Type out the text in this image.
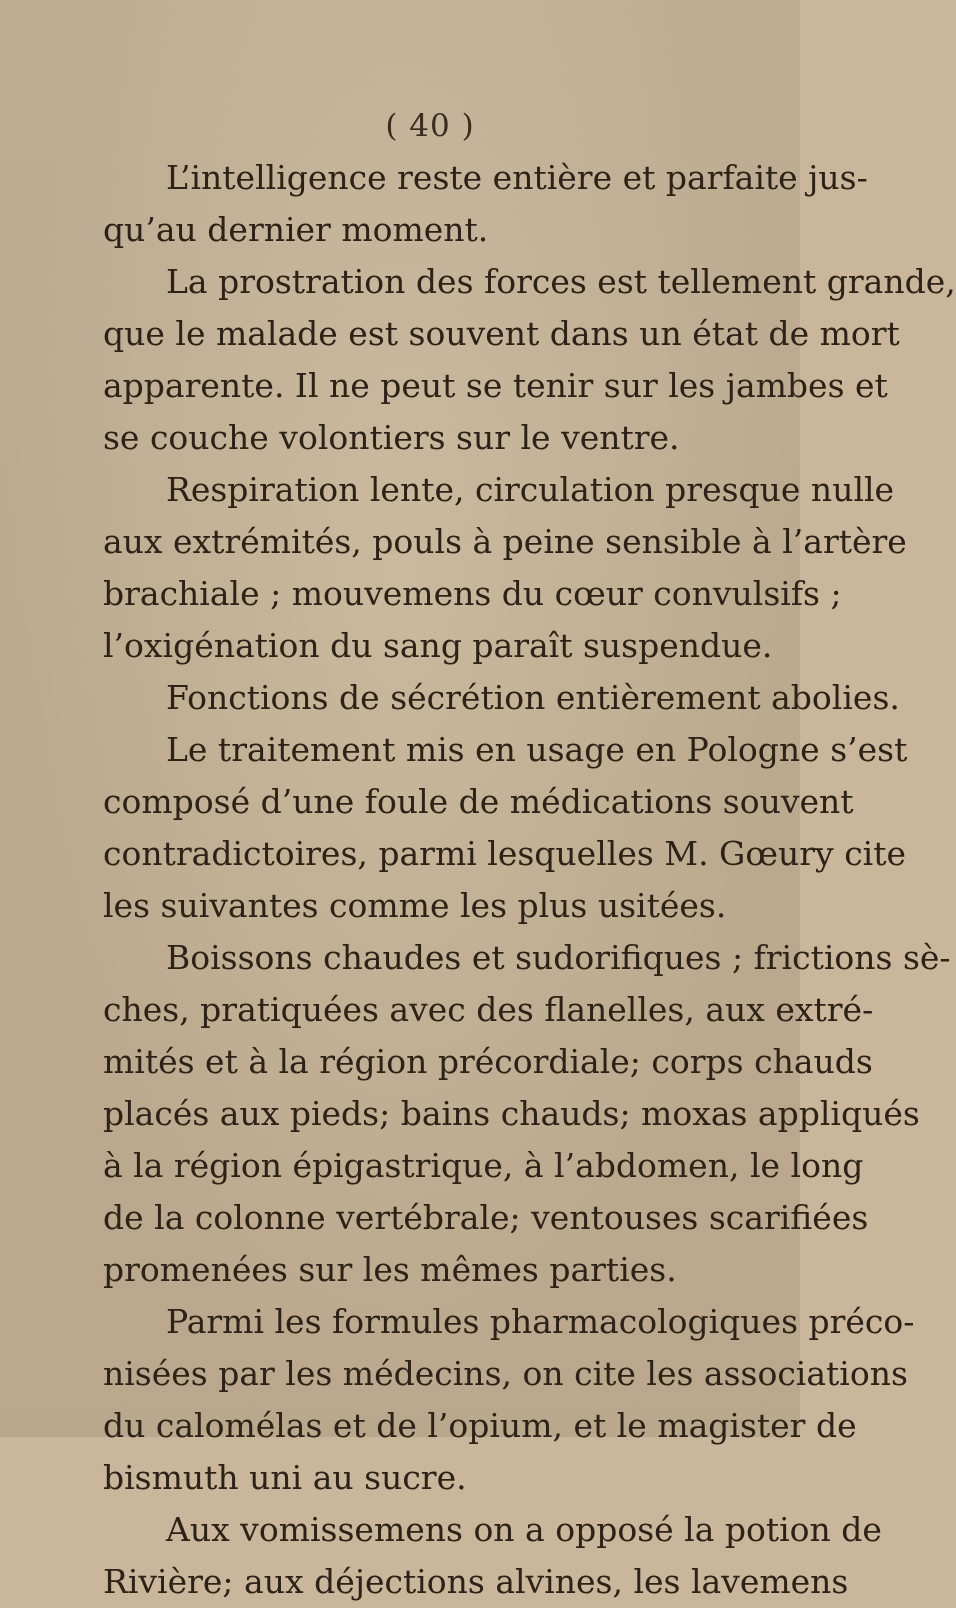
( 40 )
L’intelligence reste entière et parfaite jus-
qu’au dernier moment.
La prostration des forces est tellement grande,
que le malade est souvent dans un état de mort
apparente. Il ne peut se tenir sur les jambes et
se couche volontiers sur le ventre.
Respiration lente, circulation presque nulle
aux extrémités, pouls à peine sensible à l’artère
brachiale ; mouvemens du cœur convulsifs ;
l’oxigénation du sang paraît suspendue.
Fonctions de sécrétion entièrement abolies.
Le traitement mis en usage en Pologne s’est
composé d’une foule de médications souvent
contradictoires, parmi lesquelles M. Gœury cite
les suivantes comme les plus usitées.
Boissons chaudes et sudorifiques ; frictions sè-
ches, pratiquées avec des flanelles, aux extré-
mités et à la région précordiale; corps chauds
placés aux pieds; bains chauds; moxas appliqués
à la région épigastrique, à l’abdomen, le long
de la colonne vertébrale; ventouses scarifiées
promenées sur les mêmes parties.
Parmi les formules pharmacologiques préco-
nisées par les médecins, on cite les associations
du calomélas et de l’opium, et le magister de
bismuth uni au sucre.
Aux vomissemens on a opposé la potion de
Rivière; aux déjections alvines, les lavemens
